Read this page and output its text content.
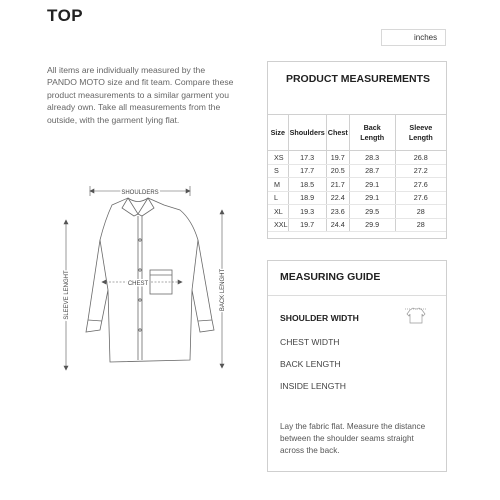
TOP
inches
All items are individually measured by the PANDO MOTO size and fit team. Compare these product measurements to a similar garment you already own. Take all measurements from the outside, with the garment lying flat.
SHOULDERS
CHEST
SLEEVE LENGHT	BACK LENGHT
PRODUCT MEASUREMENTS
Size	Shoulders	Chest	Back Length	Sleeve Length
XS	17.3	19.7	28.3	26.8
S	17.7	20.5	28.7	27.2
M	18.5	21.7	29.1	27.6
L	18.9	22.4	29.1	27.6
XL	19.3	23.6	29.5	28
XXL	19.7	24.4	29.9	28
MEASURING GUIDE
SHOULDER WIDTH
CHEST WIDTH
BACK LENGTH
INSIDE LENGTH
Lay the fabric flat. Measure the distance between the shoulder seams straight across the back.
